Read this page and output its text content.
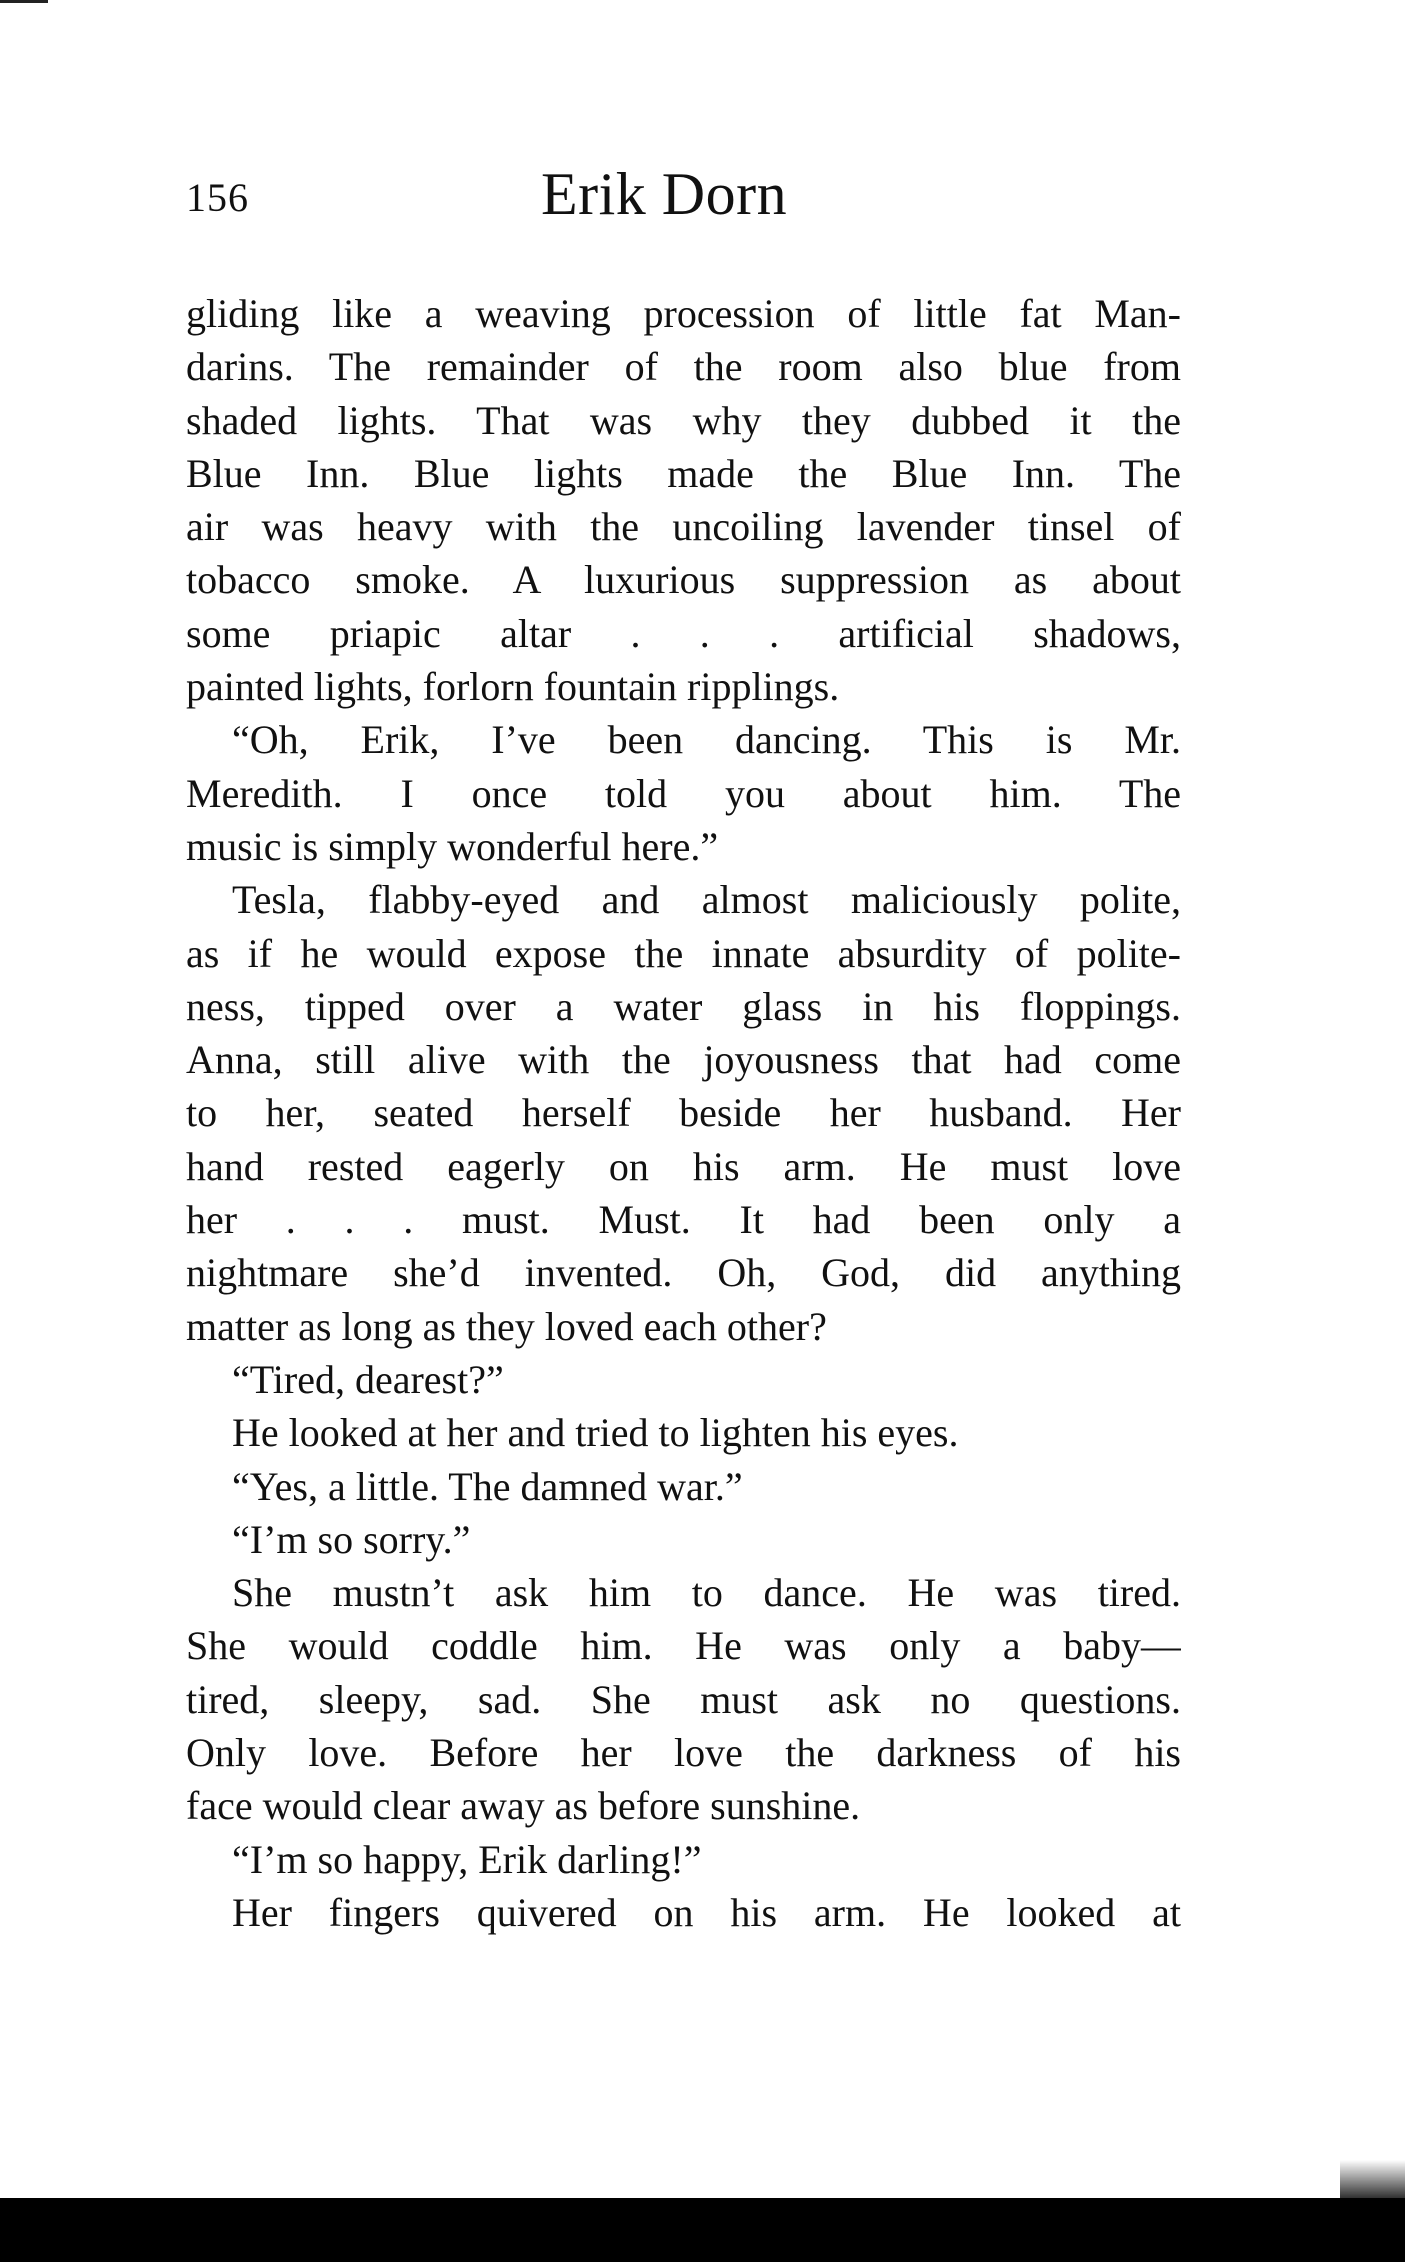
156	Erik Dorn
gliding like a weaving procession of little fat Man-
darins. The remainder of the room also blue from
shaded lights. That was why they dubbed it the
Blue Inn. Blue lights made the Blue Inn. The
air was heavy with the uncoiling lavender tinsel of
tobacco smoke. A luxurious suppression as about
some priapic altar . . . artificial shadows,
painted lights, forlorn fountain ripplings.
“Oh, Erik, I’ve been dancing. This is Mr.
Meredith. I once told you about him. The
music is simply wonderful here.”
Tesla, flabby-eyed and almost maliciously polite,
as if he would expose the innate absurdity of polite-
ness, tipped over a water glass in his floppings.
Anna, still alive with the joyousness that had come
to her, seated herself beside her husband. Her
hand rested eagerly on his arm. He must love
her . . . must. Must. It had been only a
nightmare she’d invented. Oh, God, did anything
matter as long as they loved each other?
“Tired, dearest?”
He looked at her and tried to lighten his eyes.
“Yes, a little. The damned war.”
“I’m so sorry.”
She mustn’t ask him to dance. He was tired.
She would coddle him. He was only a baby—
tired, sleepy, sad. She must ask no questions.
Only love. Before her love the darkness of his
face would clear away as before sunshine.
“I’m so happy, Erik darling!”
Her fingers quivered on his arm. He looked at
